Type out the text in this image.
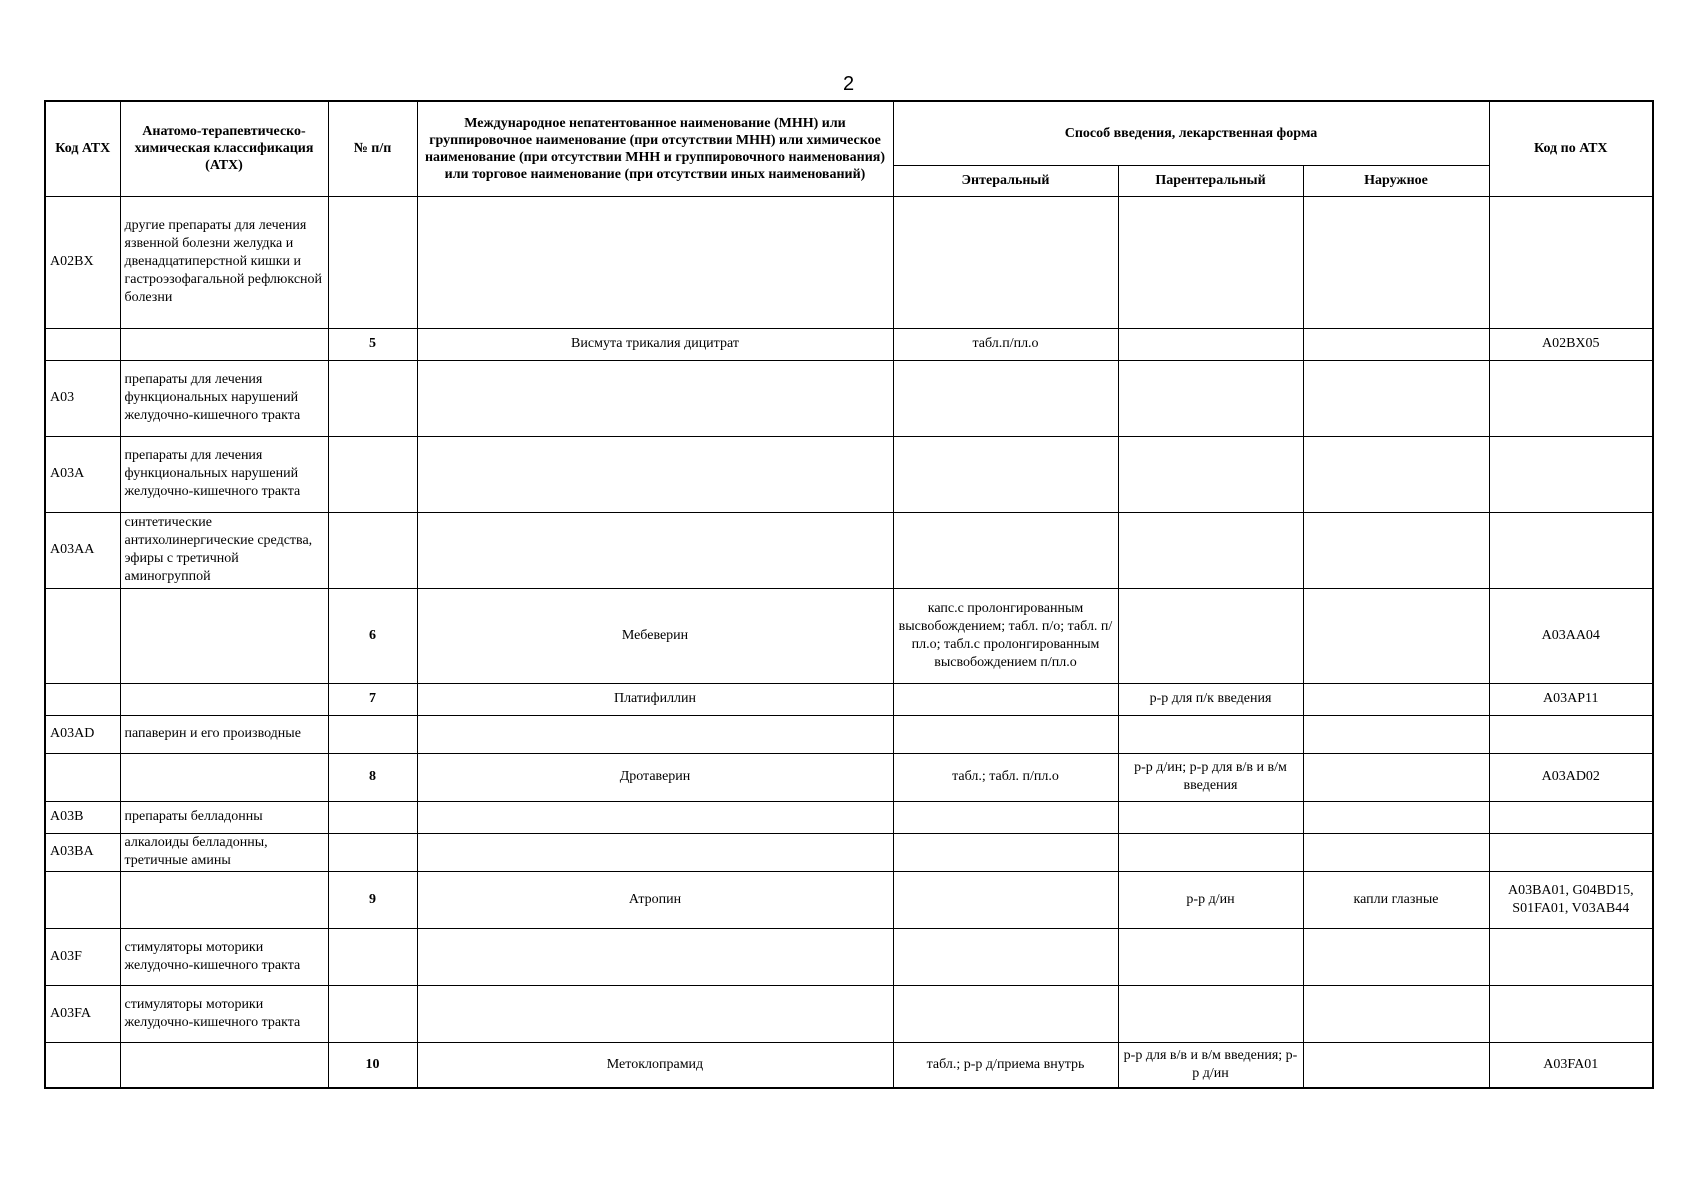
2
Код АТХ	Анатомо-терапевтическо-химическая классификация (АТХ)	№ п/п	Международное непатентованное наименование (МНН) или группировочное наименование (при отсутствии МНН) или химическое наименование (при отсутствии МНН и группировочного наименования) или торговое наименование (при отсутствии иных наименований)	Способ введения, лекарственная форма			Код по АТХ
				Энтеральный	Парентеральный	Наружное	
A02BX	другие препараты для лечения язвенной болезни желудка и двенадцатиперстной кишки и гастроэзофагальной рефлюксной болезни						
		5	Висмута трикалия дицитрат	табл.п/пл.о			A02BX05
A03	препараты для лечения функциональных нарушений желудочно-кишечного тракта						
A03A	препараты для лечения функциональных нарушений желудочно-кишечного тракта						
A03AA	синтетические антихолинергические средства, эфиры с третичной аминогруппой						
		6	Мебеверин	капс.с пролонгированным высвобождением; табл. п/о; табл. п/пл.о; табл.с пролонгированным высвобождением п/пл.о			A03AA04
		7	Платифиллин		р-р для п/к введения		A03AP11
A03AD	папаверин и его производные						
		8	Дротаверин	табл.; табл. п/пл.о	р-р д/ин; р-р для в/в и в/м введения		A03AD02
A03B	препараты белладонны						
A03BA	алкалоиды белладонны, третичные амины						
		9	Атропин		р-р д/ин	капли глазные	A03BA01, G04BD15, S01FA01, V03AB44
A03F	стимуляторы моторики желудочно-кишечного тракта						
A03FA	стимуляторы моторики желудочно-кишечного тракта						
		10	Метоклопрамид	табл.; р-р д/приема внутрь	р-р для в/в и в/м введения; р-р д/ин		A03FA01
